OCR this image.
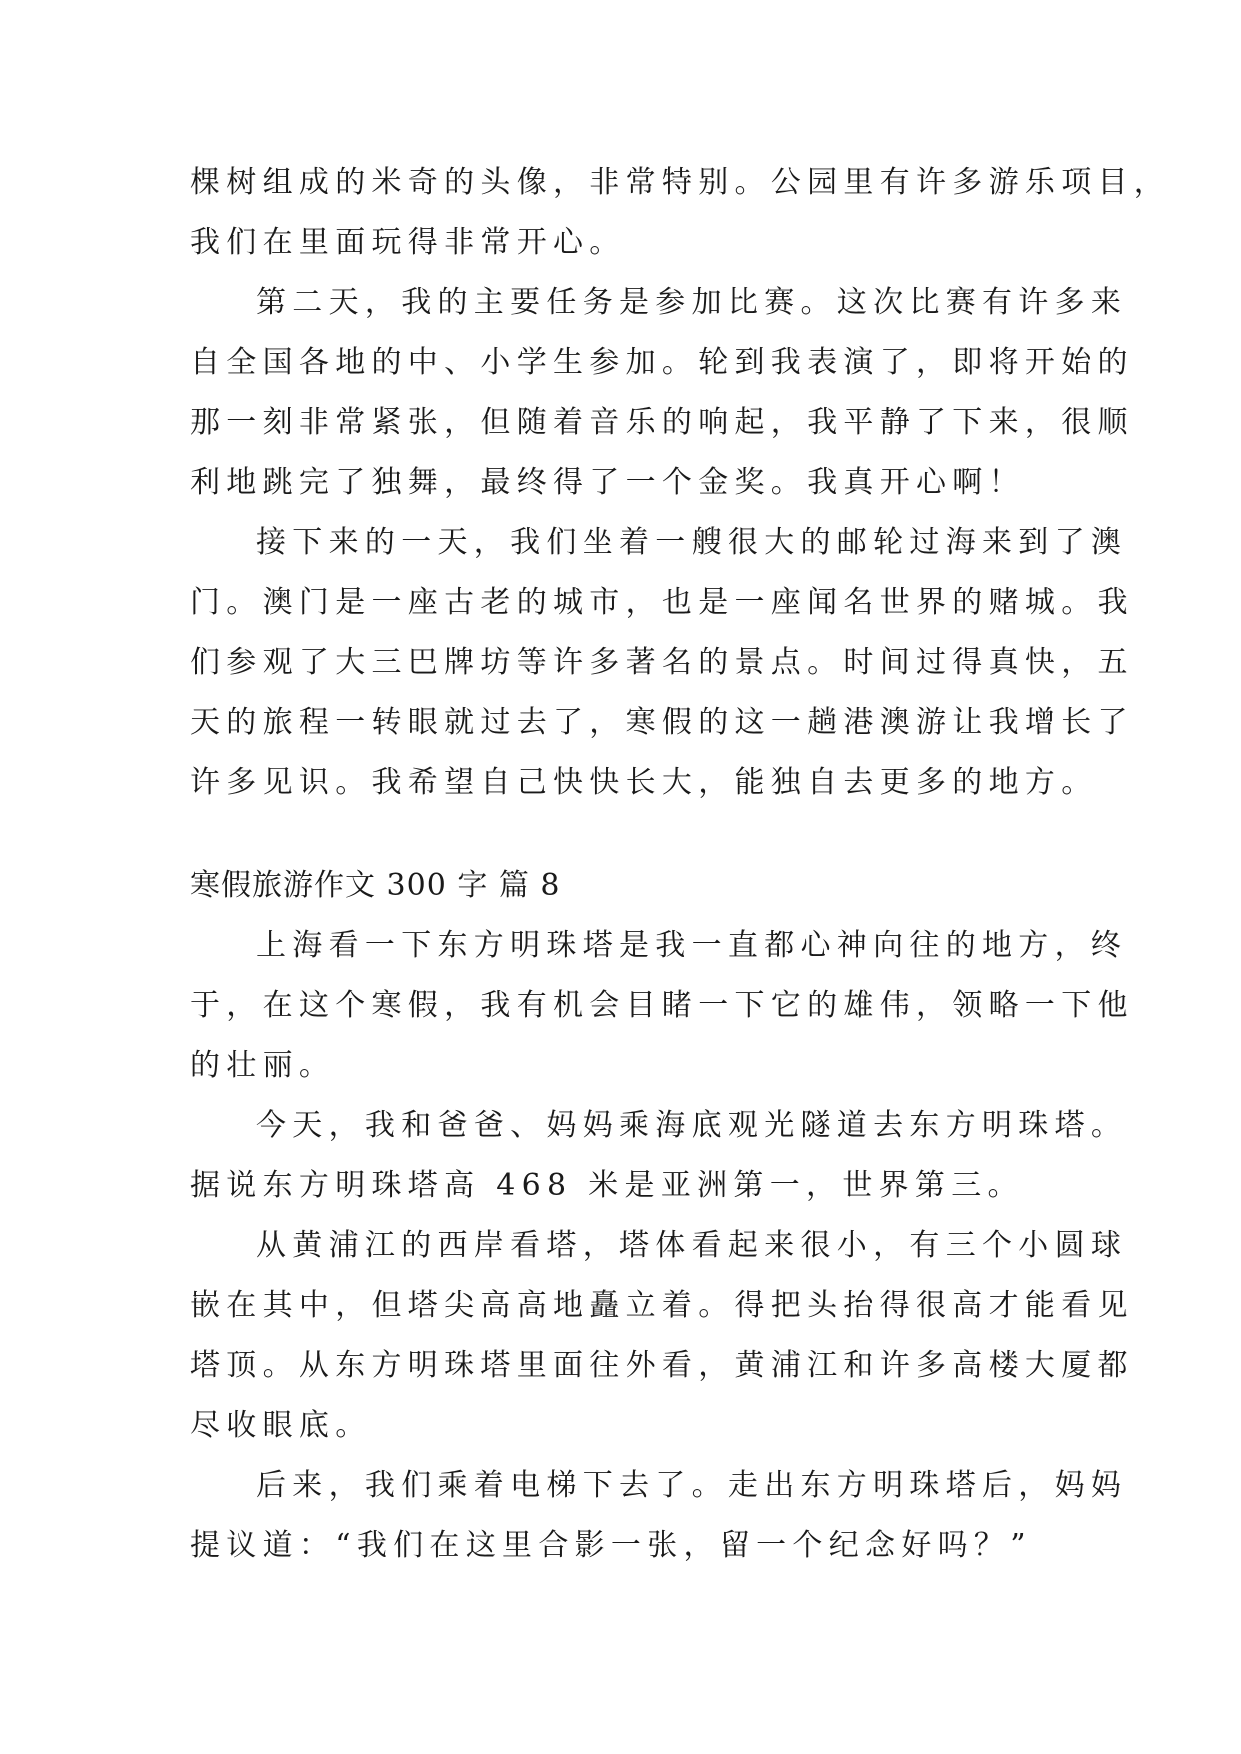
棵树组成的米奇的头像，非常特别。公园里有许多游乐项目，
我们在里面玩得非常开心。
第二天，我的主要任务是参加比赛。这次比赛有许多来
自全国各地的中、小学生参加。轮到我表演了，即将开始的
那一刻非常紧张，但随着音乐的响起，我平静了下来，很顺
利地跳完了独舞，最终得了一个金奖。我真开心啊！
接下来的一天，我们坐着一艘很大的邮轮过海来到了澳
门。澳门是一座古老的城市，也是一座闻名世界的赌城。我
们参观了大三巴牌坊等许多著名的景点。时间过得真快，五
天的旅程一转眼就过去了，寒假的这一趟港澳游让我增长了
许多见识。我希望自己快快长大，能独自去更多的地方。
寒假旅游作文 300 字 篇 8
上海看一下东方明珠塔是我一直都心神向往的地方，终
于，在这个寒假，我有机会目睹一下它的雄伟，领略一下他
的壮丽。
今天，我和爸爸、妈妈乘海底观光隧道去东方明珠塔。
据说东方明珠塔高 468 米是亚洲第一，世界第三。
从黄浦江的西岸看塔，塔体看起来很小，有三个小圆球
嵌在其中，但塔尖高高地矗立着。得把头抬得很高才能看见
塔顶。从东方明珠塔里面往外看，黄浦江和许多高楼大厦都
尽收眼底。
后来，我们乘着电梯下去了。走出东方明珠塔后，妈妈
提议道：“我们在这里合影一张，留一个纪念好吗？”
